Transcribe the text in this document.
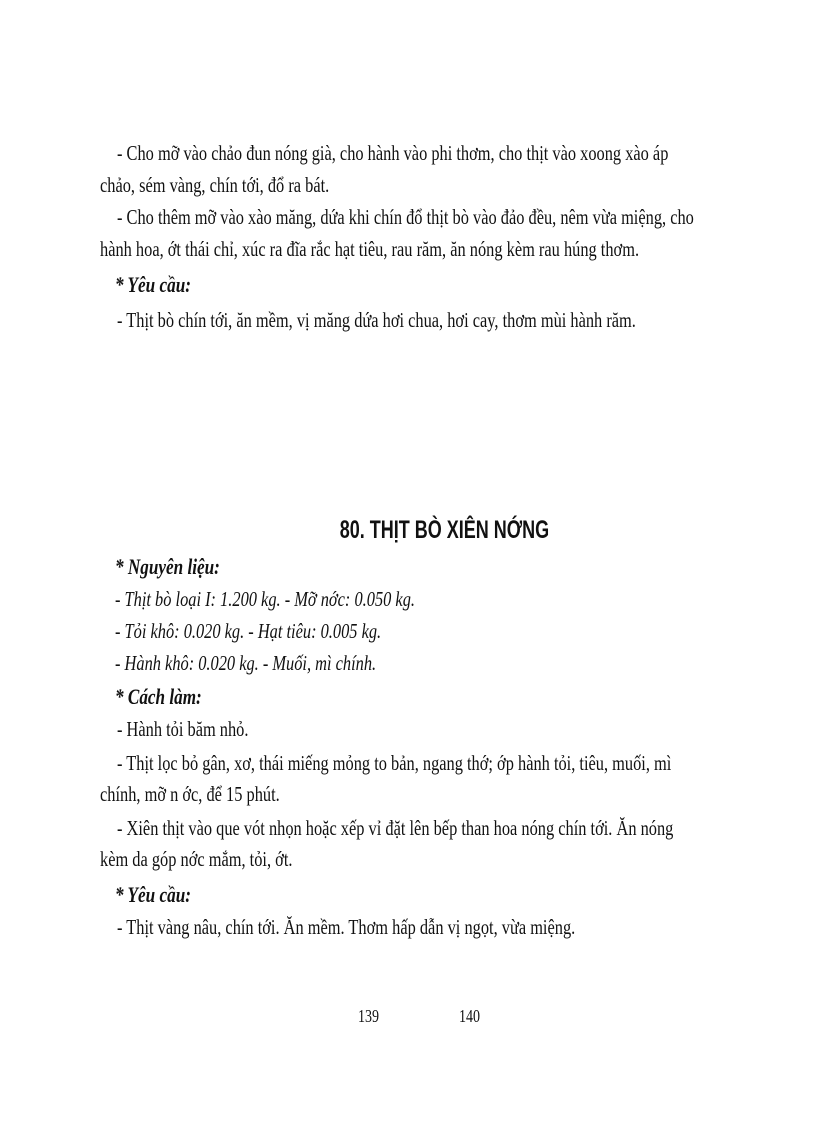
- Cho mỡ vào chảo đun nóng già, cho hành vào phi thơm, cho thịt vào xoong xào áp
chảo, sém vàng, chín tới, đổ ra bát.
- Cho thêm mỡ vào xào măng, dứa khi chín đổ thịt bò vào đảo đều, nêm vừa miệng, cho
hành hoa, ớt thái chỉ, xúc ra đĩa rắc hạt tiêu, rau răm, ăn nóng kèm rau húng thơm.
* Yêu cầu:
- Thịt bò chín tới, ăn mềm, vị măng dứa hơi chua, hơi cay, thơm mùi hành răm.
80. THỊT BÒ XIÊN NỚNG
* Nguyên liệu:
- Thịt bò loại I: 1.200 kg. - Mỡ nớc: 0.050 kg.
- Tỏi khô: 0.020 kg. - Hạt tiêu: 0.005 kg.
- Hành khô: 0.020 kg. - Muối, mì chính.
* Cách làm:
- Hành tỏi băm nhỏ.
- Thịt lọc bỏ gân, xơ, thái miếng mỏng to bản, ngang thớ; ớp hành tỏi, tiêu, muối, mì
chính, mỡ n ớc, để 15 phút.
- Xiên thịt vào que vót nhọn hoặc xếp vỉ đặt lên bếp than hoa nóng chín tới. Ăn nóng
kèm da góp nớc mắm, tỏi, ớt.
* Yêu cầu:
- Thịt vàng nâu, chín tới. Ăn mềm. Thơm hấp dẫn vị ngọt, vừa miệng.
139	140
